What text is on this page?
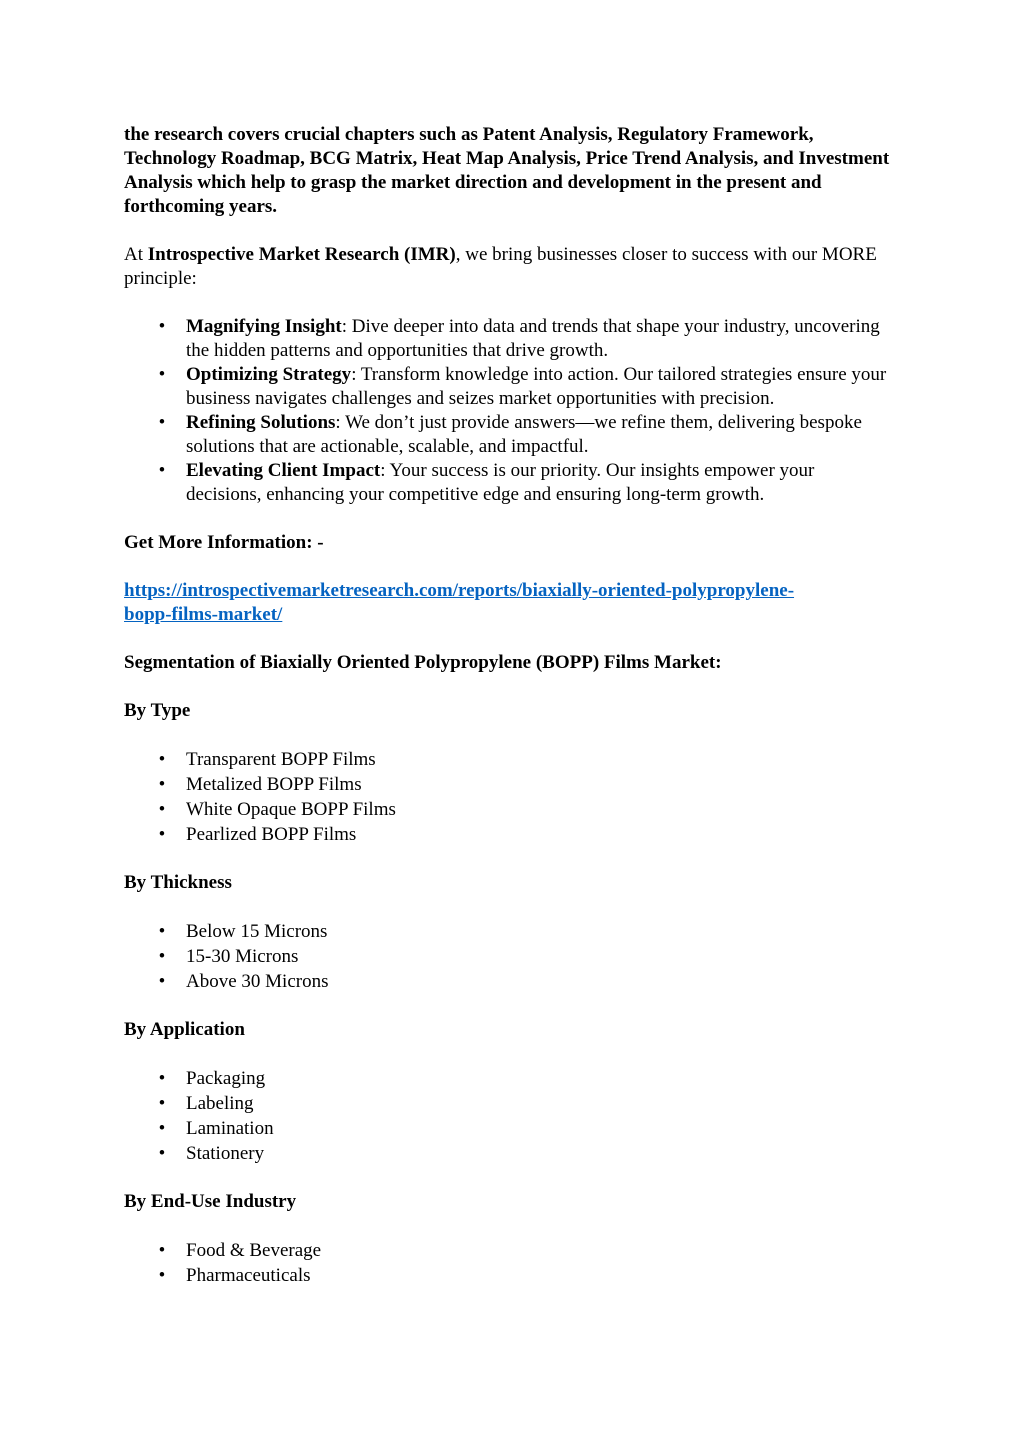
the research covers crucial chapters such as Patent Analysis, Regulatory Framework, Technology Roadmap, BCG Matrix, Heat Map Analysis, Price Trend Analysis, and Investment Analysis which help to grasp the market direction and development in the present and forthcoming years.

At Introspective Market Research (IMR), we bring businesses closer to success with our MORE principle:

• Magnifying Insight: Dive deeper into data and trends that shape your industry, uncovering the hidden patterns and opportunities that drive growth.
• Optimizing Strategy: Transform knowledge into action. Our tailored strategies ensure your business navigates challenges and seizes market opportunities with precision.
• Refining Solutions: We don’t just provide answers—we refine them, delivering bespoke solutions that are actionable, scalable, and impactful.
• Elevating Client Impact: Your success is our priority. Our insights empower your decisions, enhancing your competitive edge and ensuring long-term growth.

Get More Information: -

https://introspectivemarketresearch.com/reports/biaxially-oriented-polypropylene-
bopp-films-market/

Segmentation of Biaxially Oriented Polypropylene (BOPP) Films Market:

By Type

• Transparent BOPP Films
• Metalized BOPP Films
• White Opaque BOPP Films
• Pearlized BOPP Films

By Thickness

• Below 15 Microns
• 15-30 Microns
• Above 30 Microns

By Application

• Packaging
• Labeling
• Lamination
• Stationery

By End-Use Industry

• Food & Beverage
• Pharmaceuticals
